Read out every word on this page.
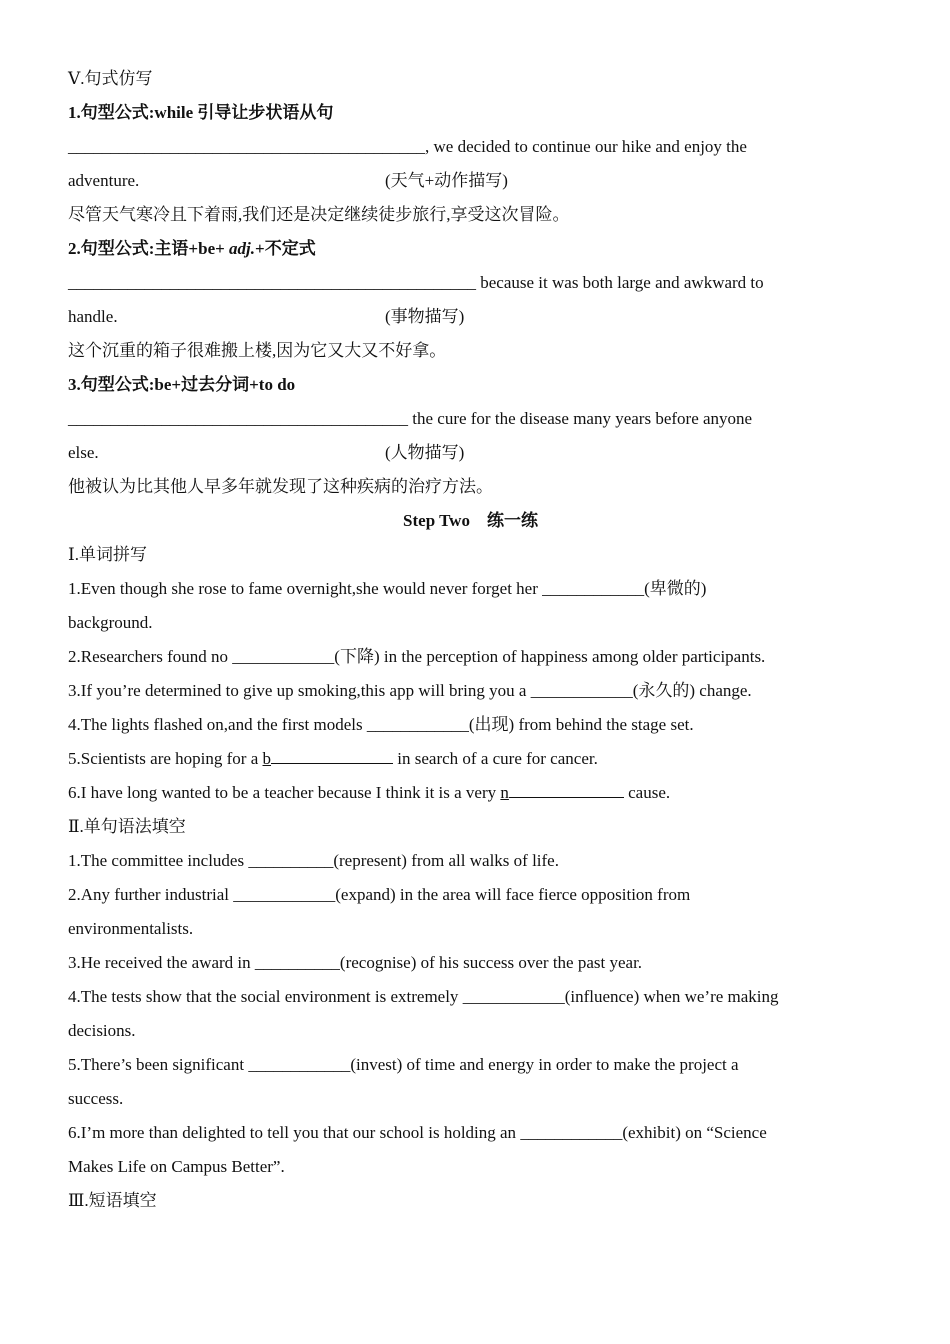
Ⅴ.句式仿写
1.句型公式:while 引导让步状语从句
__________________________________________, we decided to continue our hike and enjoy the
adventure.	(天气+动作描写)
尽管天气寒冷且下着雨,我们还是决定继续徒步旅行,享受这次冒险。
2.句型公式:主语+be+ adj.+不定式
________________________________________________ because it was both large and awkward to
handle.	(事物描写)
这个沉重的箱子很难搬上楼,因为它又大又不好拿。
3.句型公式:be+过去分词+to do
________________________________________ the cure for the disease many years before anyone
else.	(人物描写)
他被认为比其他人早多年就发现了这种疾病的治疗方法。
Step Two　练一练
Ⅰ.单词拼写
1.Even though she rose to fame overnight,she would never forget her ____________(卑微的)
background.
2.Researchers found no ____________(下降) in the perception of happiness among older participants.
3.If you’re determined to give up smoking,this app will bring you a ____________(永久的) change.
4.The lights flashed on,and the first models ____________(出现) from behind the stage set.
5.Scientists are hoping for a b	in search of a cure for cancer.
6.I have long wanted to be a teacher because I think it is a very n	cause.
Ⅱ.单句语法填空
1.The committee includes __________(represent) from all walks of life.
2.Any further industrial ____________(expand) in the area will face fierce opposition from
environmentalists.
3.He received the award in __________(recognise) of his success over the past year.
4.The tests show that the social environment is extremely ____________(influence) when we’re making
decisions.
5.There’s been significant ____________(invest) of time and energy in order to make the project a
success.
6.I’m more than delighted to tell you that our school is holding an ____________(exhibit) on “Science
Makes Life on Campus Better”.
Ⅲ.短语填空
